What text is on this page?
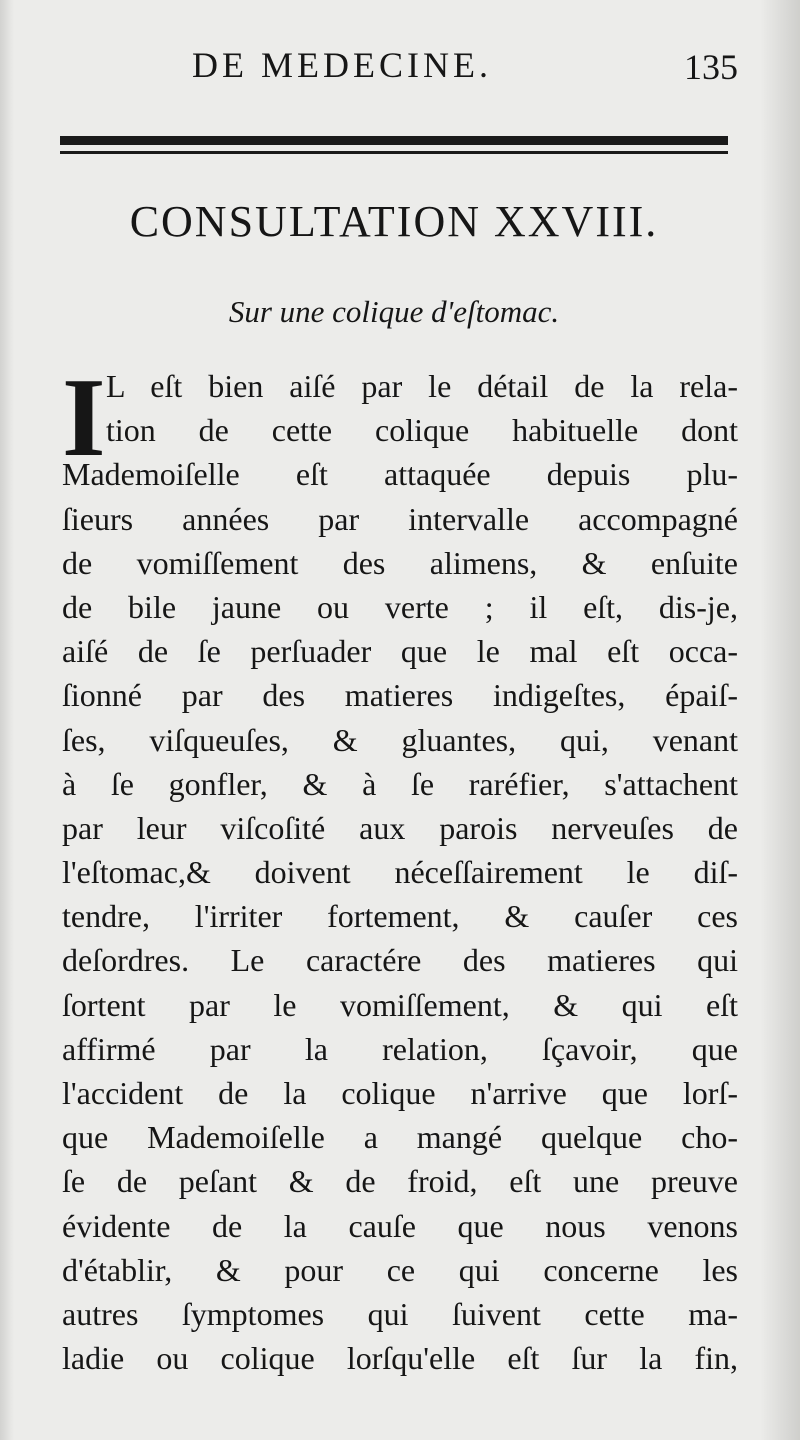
DE MEDECINE.	135
CONSULTATION XXVIII.
Sur une colique d'eſtomac.
I L eſt bien aiſé par le détail de la rela-
tion de cette colique habituelle dont
Mademoiſelle eſt attaquée depuis plu-
ſieurs années par intervalle accompagné
de vomiſſement des alimens, & enſuite
de bile jaune ou verte ; il eſt, dis-je,
aiſé de ſe perſuader que le mal eſt occa-
ſionné par des matieres indigeſtes, épaiſ-
ſes, viſqueuſes, & gluantes, qui, venant
à ſe gonfler, & à ſe raréfier, s'attachent
par leur viſcoſité aux parois nerveuſes de
l'eſtomac,& doivent néceſſairement le diſ-
tendre, l'irriter fortement, & cauſer ces
deſordres. Le caractére des matieres qui
ſortent par le vomiſſement, & qui eſt
affirmé par la relation, ſçavoir, que
l'accident de la colique n'arrive que lorſ-
que Mademoiſelle a mangé quelque cho-
ſe de peſant & de froid, eſt une preuve
évidente de la cauſe que nous venons
d'établir, & pour ce qui concerne les
autres ſymptomes qui ſuivent cette ma-
ladie ou colique lorſqu'elle eſt ſur la fin,
